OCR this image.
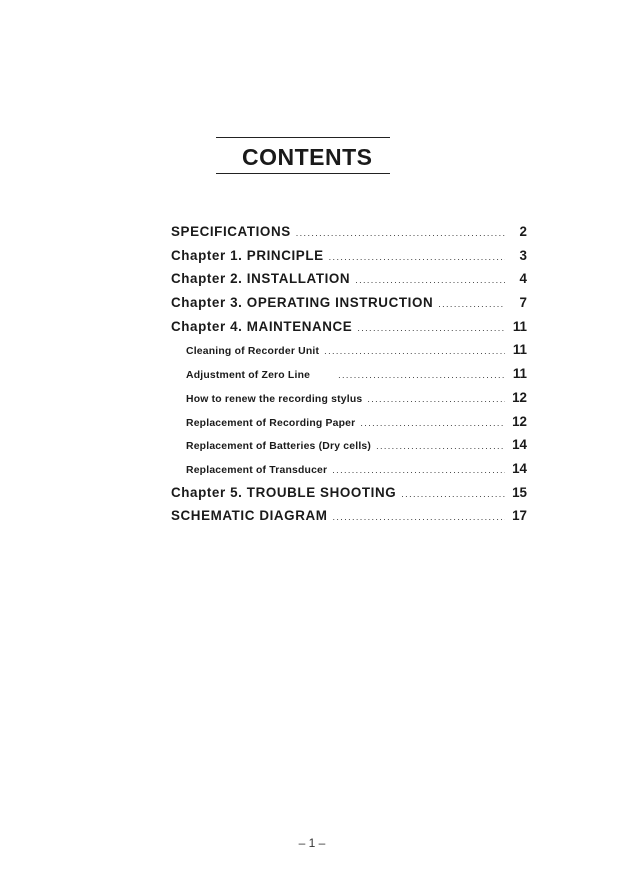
CONTENTS
SPECIFICATIONS .....	2
Chapter 1. PRINCIPLE .....	3
Chapter 2. INSTALLATION .....	4
Chapter 3. OPERATING INSTRUCTION .....	7
Chapter 4. MAINTENANCE .....	11
Cleaning of Recorder Unit .....	11
Adjustment of Zero Line .....	11
How to renew the recording stylus .....	12
Replacement of Recording Paper .....	12
Replacement of Batteries (Dry cells) .....	14
Replacement of Transducer .....	14
Chapter 5. TROUBLE SHOOTING .....	15
SCHEMATIC DIAGRAM .....	17
– 1 –
